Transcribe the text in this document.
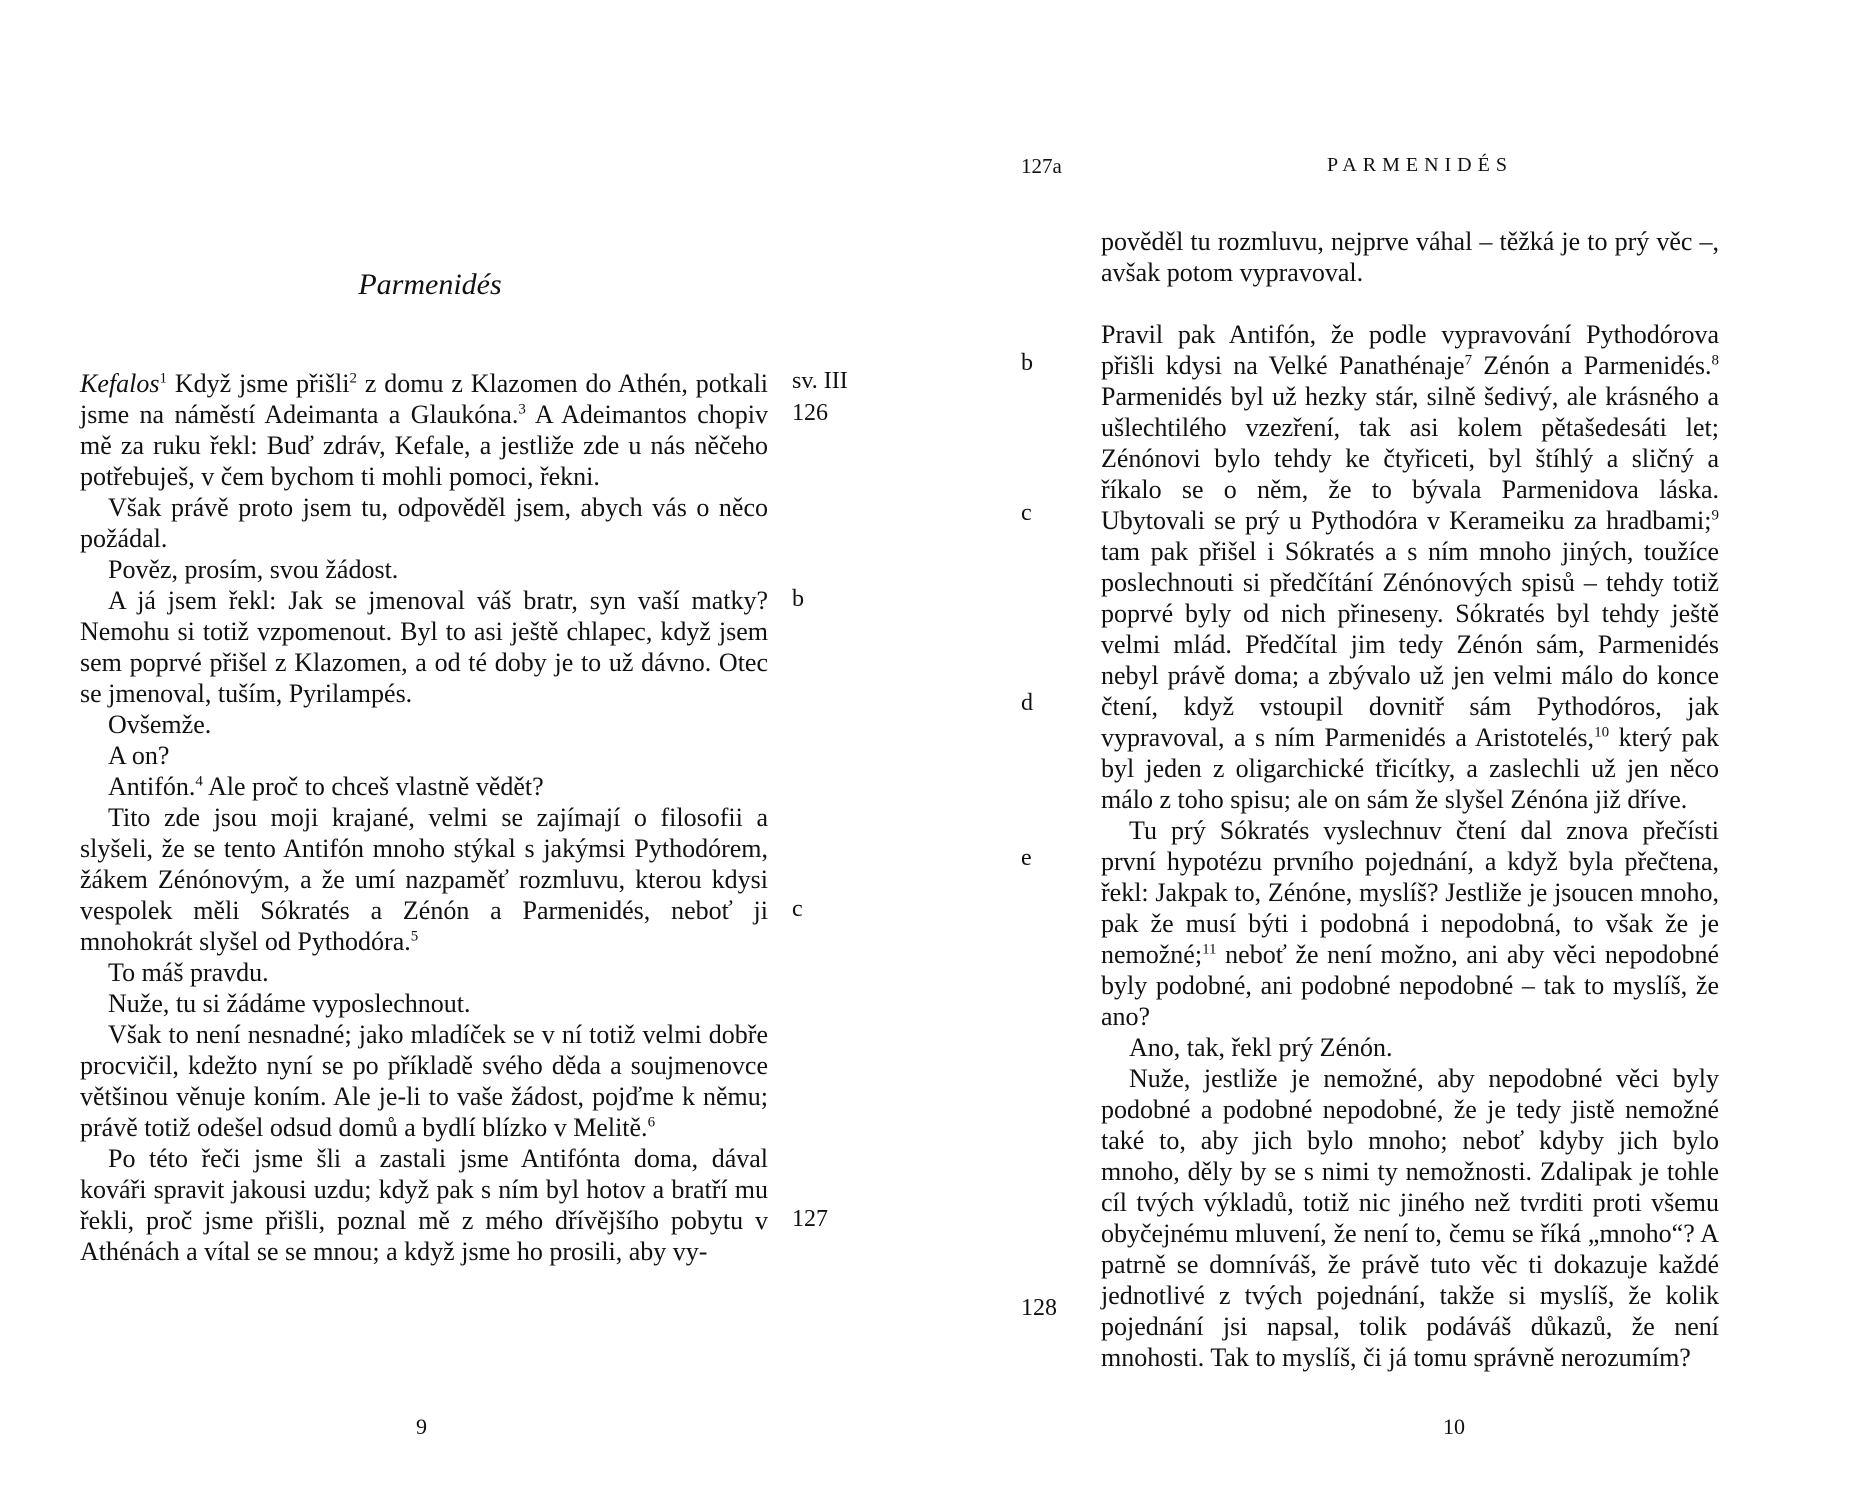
Parmenidés

Kefalos$^1$ Když jsme přišli$^2$ z domu z Klazomen do Athén, potkali jsme na náměstí Adeimanta a Glaukóna.$^3$ A Adeimantos chopiv mě za ruku řekl: Buď zdráv, Kefale, a jestliže zde u nás něčeho potřebuješ, v čem bychom ti mohli pomoci, řekni.

Však právě proto jsem tu, odpověděl jsem, abych vás o něco požádal.

Pověz, prosím, svou žádost.

A já jsem řekl: Jak se jmenoval váš bratr, syn vaší matky? Nemohu si totiž vzpomenout. Byl to asi ještě chlapec, když jsem sem poprvé přišel z Klazomen, a od té doby je to už dávno. Otec se jmenoval, tuším, Pyrilampés.

Ovšemže.

A on?

Antifón.$^4$ Ale proč to chceš vlastně vědět?

Tito zde jsou moji krajané, velmi se zajímají o filosofii a slyšeli, že se tento Antifón mnoho stýkal s jakýmsi Pythodórem, žákem Zénónovým, a že umí nazpaměť rozmluvu, kterou kdysi vespolek měli Sókratés a Zénón a Parmenidés, neboť ji mnohokrát slyšel od Pythodóra.$^5$

To máš pravdu.

Nuže, tu si žádáme vyposlechnout.

Však to není nesnadné; jako mladíček se v ní totiž velmi dobře procvičil, kdežto nyní se po příkladě svého děda a soujmenovce většinou věnuje koním. Ale je-li to vaše žádost, pojďme k němu; právě totiž odešel odsud domů a bydlí blízko v Melitě.$^6$

Po této řeči jsme šli a zastali jsme Antifónta doma, dával kováři spravit jakousi uzdu; když pak s ním byl hotov a bratří mu řekli, proč jsme přišli, poznal mě z mého dřívějšího pobytu v Athénách a vítal se se mnou; a když jsme ho prosili, aby vy-

sv. III
126
b
c
127
9
127a	PARMENIDÉS

pověděl tu rozmluvu, nejprve váhal – těžká je to prý věc –, avšak potom vypravoval.

Pravil pak Antifón, že podle vypravování Pythodórova přišli kdysi na Velké Panathénaje$^7$ Zénón a Parmenidés.$^8$ Parmenidés byl už hezky stár, silně šedivý, ale krásného a ušlechtilého vzezření, tak asi kolem pětašedesáti let; Zénónovi bylo tehdy ke čtyřiceti, byl štíhlý a sličný a říkalo se o něm, že to bývala Parmenidova láska. Ubytovali se prý u Pythodóra v Kerameiku za hradbami;$^9$ tam pak přišel i Sókratés a s ním mnoho jiných, toužíce poslechnouti si předčítání Zénónových spisů – tehdy totiž poprvé byly od nich přineseny. Sókratés byl tehdy ještě velmi mlád. Předčítal jim tedy Zénón sám, Parmenidés nebyl právě doma; a zbývalo už jen velmi málo do konce čtení, když vstoupil dovnitř sám Pythodóros, jak vypravoval, a s ním Parmenidés a Aristotelés,$^{10}$ který pak byl jeden z oligarchické třicítky, a zaslechli už jen něco málo z toho spisu; ale on sám že slyšel Zénóna již dříve.

Tu prý Sókratés vyslechnuv čtení dal znova přečísti první hypotézu prvního pojednání, a když byla přečtena, řekl: Jakpak to, Zénóne, myslíš? Jestliže je jsoucen mnoho, pak že musí býti i podobná i nepodobná, to však že je nemožné;$^{11}$ neboť že není možno, ani aby věci nepodobné byly podobné, ani podobné nepodobné – tak to myslíš, že ano?

Ano, tak, řekl prý Zénón.

Nuže, jestliže je nemožné, aby nepodobné věci byly podobné a podobné nepodobné, že je tedy jistě nemožné také to, aby jich bylo mnoho; neboť kdyby jich bylo mnoho, děly by se s nimi ty nemožnosti. Zdalipak je tohle cíl tvých výkladů, totiž nic jiného než tvrditi proti všemu obyčejnému mluvení, že není to, čemu se říká „mnoho“? A patrně se domníváš, že právě tuto věc ti dokazuje každé jednotlivé z tvých pojednání, takže si myslíš, že kolik pojednání jsi napsal, tolik podáváš důkazů, že není mnohosti. Tak to myslíš, či já tomu správně nerozumím?

b
c
d
e
128
10
